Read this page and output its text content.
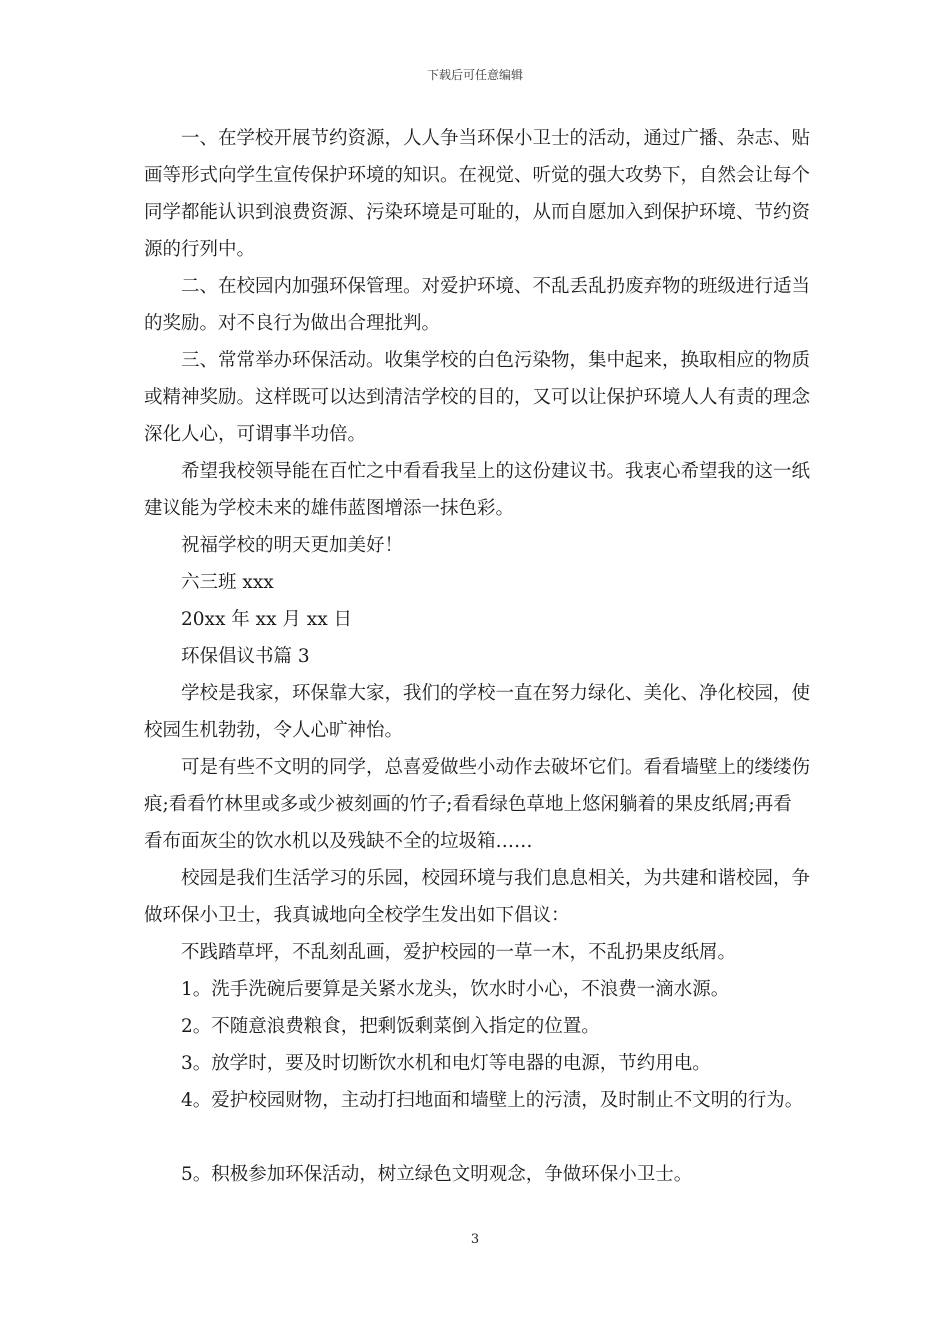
下载后可任意编辑

一、在学校开展节约资源，人人争当环保小卫士的活动，通过广播、杂志、贴画等形式向学生宣传保护环境的知识。在视觉、听觉的强大攻势下，自然会让每个同学都能认识到浪费资源、污染环境是可耻的，从而自愿加入到保护环境、节约资源的行列中。

二、在校园内加强环保管理。对爱护环境、不乱丢乱扔废弃物的班级进行适当的奖励。对不良行为做出合理批判。

三、常常举办环保活动。收集学校的白色污染物，集中起来，换取相应的物质或精神奖励。这样既可以达到清洁学校的目的，又可以让保护环境人人有责的理念深化人心，可谓事半功倍。

希望我校领导能在百忙之中看看我呈上的这份建议书。我衷心希望我的这一纸建议能为学校未来的雄伟蓝图增添一抹色彩。

祝福学校的明天更加美好！

六三班 xxx

20xx 年 xx 月 xx 日

环保倡议书篇 3

学校是我家，环保靠大家，我们的学校一直在努力绿化、美化、净化校园，使校园生机勃勃，令人心旷神怡。

可是有些不文明的同学，总喜爱做些小动作去破坏它们。看看墙壁上的缕缕伤痕;看看竹林里或多或少被刻画的竹子;看看绿色草地上悠闲躺着的果皮纸屑;再看看布面灰尘的饮水机以及残缺不全的垃圾箱……

校园是我们生活学习的乐园，校园环境与我们息息相关，为共建和谐校园，争做环保小卫士，我真诚地向全校学生发出如下倡议：

不践踏草坪，不乱刻乱画，爱护校园的一草一木，不乱扔果皮纸屑。

1。洗手洗碗后要算是关紧水龙头，饮水时小心，不浪费一滴水源。

2。不随意浪费粮食，把剩饭剩菜倒入指定的位置。

3。放学时，要及时切断饮水机和电灯等电器的电源，节约用电。

4。爱护校园财物，主动打扫地面和墙壁上的污渍，及时制止不文明的行为。

5。积极参加环保活动，树立绿色文明观念，争做环保小卫士。

3
